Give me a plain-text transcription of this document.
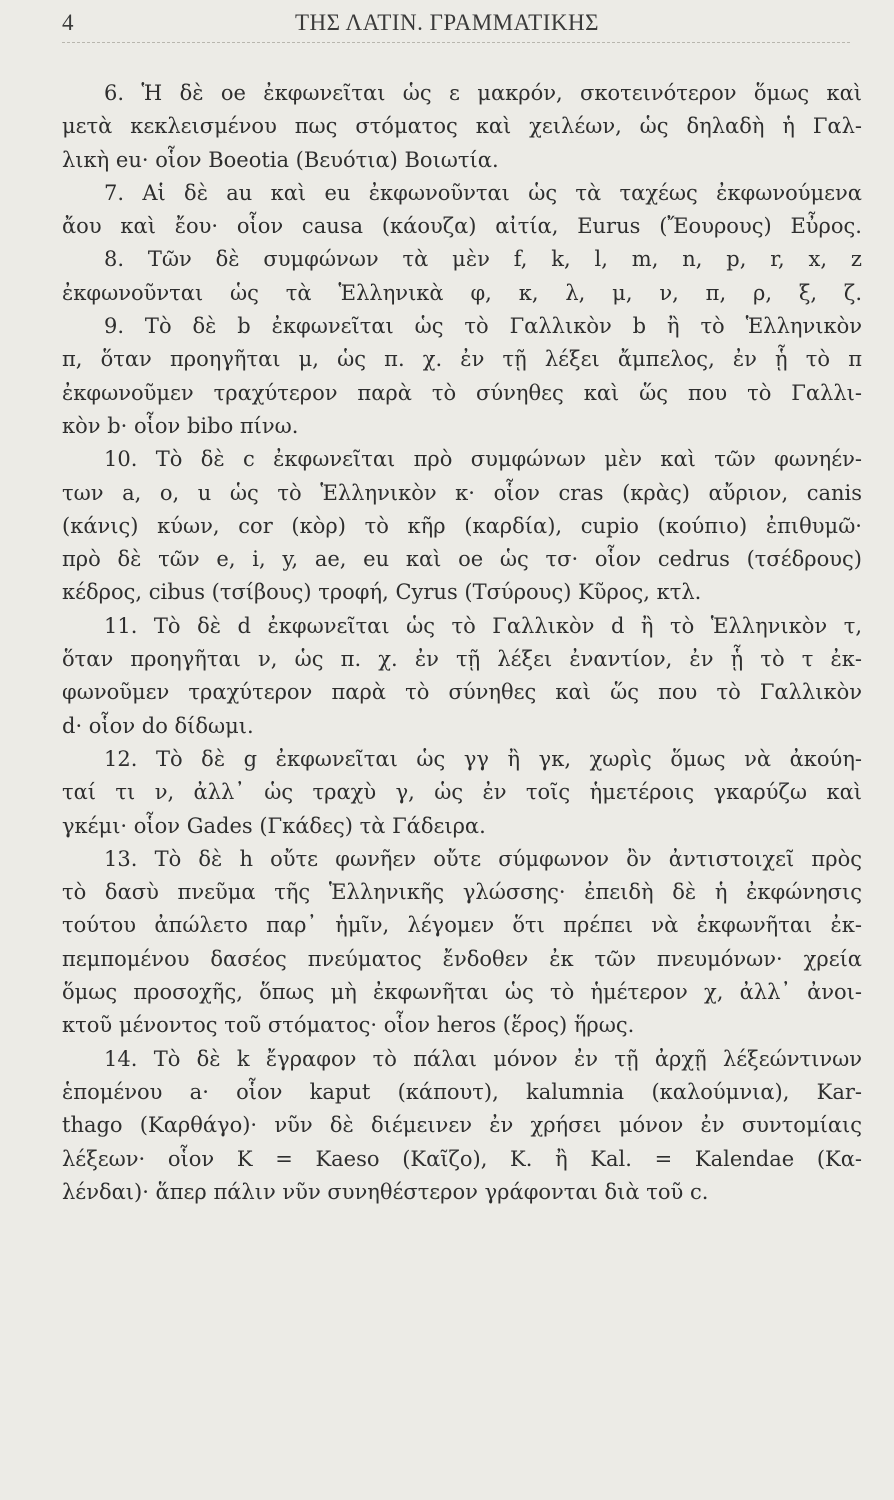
4	ΤΗΣ ΛΑΤΙΝ. ΓΡΑΜΜΑΤΙΚΗΣ
6. Ἡ δὲ oe ἐκφωνεῖται ὡς ε μακρόν, σκοτεινότερον ὅμως καὶ
μετὰ κεκλεισμένου πως στόματος καὶ χειλέων, ὡς δηλαδὴ ἡ Γαλ-
λικὴ eu· οἷον Boeotia (Βευότια) Βοιωτία.
7. Αἱ δὲ au καὶ eu ἐκφωνοῦνται ὡς τὰ ταχέως ἐκφωνούμενα
ἄου καὶ ἔου· οἷον causa (κάουζα) αἰτία, Eurus (Ἔουρους) Εὖρος.
8. Τῶν δὲ συμφώνων τὰ μὲν f, k, l, m, n, p, r, x, z
ἐκφωνοῦνται ὡς τὰ Ἑλληνικὰ φ, κ, λ, μ, ν, π, ρ, ξ, ζ.
9. Τὸ δὲ b ἐκφωνεῖται ὡς τὸ Γαλλικὸν b ἢ τὸ Ἑλληνικὸν
π, ὅταν προηγῆται μ, ὡς π. χ. ἐν τῇ λέξει ἄμπελος, ἐν ᾗ τὸ π
ἐκφωνοῦμεν τραχύτερον παρὰ τὸ σύνηθες καὶ ὥς που τὸ Γαλλι-
κὸν b· οἷον bibo πίνω.
10. Τὸ δὲ c ἐκφωνεῖται πρὸ συμφώνων μὲν καὶ τῶν φωνηέν-
των a, o, u ὡς τὸ Ἑλληνικὸν κ· οἷον cras (κρὰς) αὔριον, canis
(κάνις) κύων, cor (κὸρ) τὸ κῆρ (καρδία), cupio (κούπιο) ἐπιθυμῶ·
πρὸ δὲ τῶν e, i, y, ae, eu καὶ oe ὡς τσ· οἷον cedrus (τσέδρους)
κέδρος, cibus (τσίβους) τροφή, Cyrus (Τσύρους) Κῦρος, κτλ.
11. Τὸ δὲ d ἐκφωνεῖται ὡς τὸ Γαλλικὸν d ἢ τὸ Ἑλληνικὸν τ,
ὅταν προηγῆται ν, ὡς π. χ. ἐν τῇ λέξει ἐναντίον, ἐν ᾗ τὸ τ ἐκ-
φωνοῦμεν τραχύτερον παρὰ τὸ σύνηθες καὶ ὥς που τὸ Γαλλικὸν
d· οἷον do δίδωμι.
12. Τὸ δὲ g ἐκφωνεῖται ὡς γγ ἢ γκ, χωρὶς ὅμως νὰ ἀκούη-
ταί τι ν, ἀλλ᾽ ὡς τραχὺ γ, ὡς ἐν τοῖς ἡμετέροις γκαρύζω καὶ
γκέμι· οἷον Gades (Γκάδες) τὰ Γάδειρα.
13. Τὸ δὲ h οὔτε φωνῆεν οὔτε σύμφωνον ὂν ἀντιστοιχεῖ πρὸς
τὸ δασὺ πνεῦμα τῆς Ἑλληνικῆς γλώσσης· ἐπειδὴ δὲ ἡ ἐκφώνησις
τούτου ἀπώλετο παρ᾽ ἡμῖν, λέγομεν ὅτι πρέπει νὰ ἐκφωνῆται ἐκ-
πεμπομένου δασέος πνεύματος ἔνδοθεν ἐκ τῶν πνευμόνων· χρεία
ὅμως προσοχῆς, ὅπως μὴ ἐκφωνῆται ὡς τὸ ἡμέτερον χ, ἀλλ᾽ ἀνοι-
κτοῦ μένοντος τοῦ στόματος· οἷον heros (ἕρος) ἥρως.
14. Τὸ δὲ k ἔγραφον τὸ πάλαι μόνον ἐν τῇ ἀρχῇ λέξεώντινων
ἑπομένου a· οἷον kaput (κάπουτ), kalumnia (καλούμνια), Kar-
thago (Καρθάγο)· νῦν δὲ διέμεινεν ἐν χρήσει μόνον ἐν συντομίαις
λέξεων· οἷον K = Kaeso (Καῖζο), K. ἢ Kal. = Kalendae (Κα-
λένδαι)· ἅπερ πάλιν νῦν συνηθέστερον γράφονται διὰ τοῦ c.
